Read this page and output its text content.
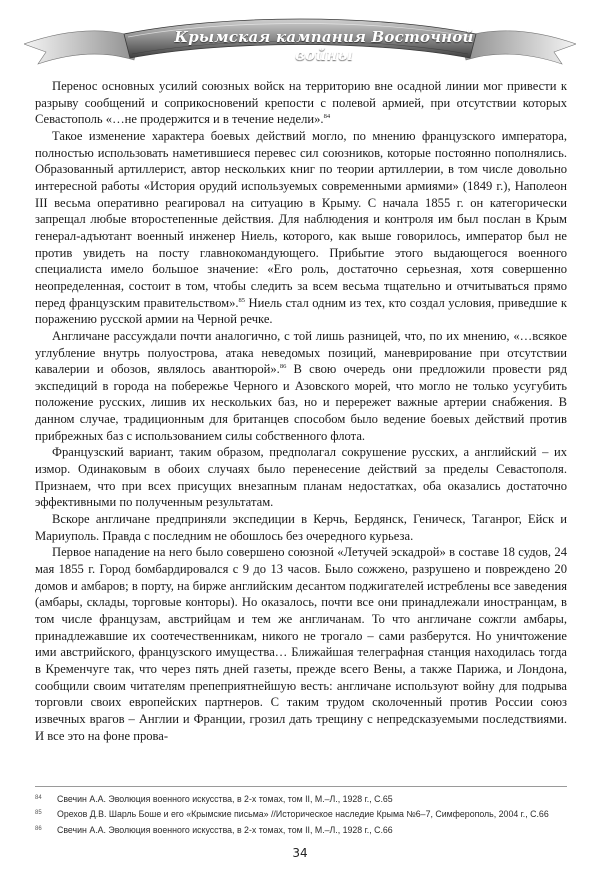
Крымская кампания Восточной войны

Перенос основных усилий союзных войск на территорию вне осадной линии мог привести к разрыву сообщений и соприкосновений крепости с полевой армией, при отсутствии которых Севастополь «…не продержится и в течение недели».$^{84}$

Такое изменение характера боевых действий могло, по мнению французского императора, полностью использовать наметившиеся перевес сил союзников, которые постоянно пополнялись. Образованный артиллерист, автор нескольких книг по теории артиллерии, в том числе довольно интересной работы «История орудий используемых современными армиями» (1849 г.), Наполеон III весьма оперативно реагировал на ситуацию в Крыму. С начала 1855 г. он категорически запрещал любые второстепенные действия. Для наблюдения и контроля им был послан в Крым генерал-адъютант военный инженер Ниель, которого, как выше говорилось, император был не против увидеть на посту главнокомандующего. Прибытие этого выдающегося военного специалиста имело большое значение: «Его роль, достаточно серьезная, хотя совершенно неопределенная, состоит в том, чтобы следить за всем весьма тщательно и отчитываться прямо перед французским правительством».$^{85}$ Ниель стал одним из тех, кто создал условия, приведшие к поражению русской армии на Черной речке.

Англичане рассуждали почти аналогично, с той лишь разницей, что, по их мнению, «…всякое углубление внутрь полуострова, атака неведомых позиций, маневрирование при отсутствии кавалерии и обозов, являлось авантюрой».$^{86}$ В свою очередь они предложили провести ряд экспедиций в города на побережье Черного и Азовского морей, что могло не только усугубить положение русских, лишив их нескольких баз, но и перережет важные артерии снабжения. В данном случае, традиционным для британцев способом было ведение боевых действий против прибрежных баз с использованием силы собственного флота.

Французский вариант, таким образом, предполагал сокрушение русских, а английский – их измор. Одинаковым в обоих случаях было перенесение действий за пределы Севастополя. Признаем, что при всех присущих внезапным планам недостатках, оба оказались достаточно эффективными по полученным результатам.

Вскоре англичане предприняли экспедиции в Керчь, Бердянск, Геническ, Таганрог, Ейск и Мариуполь. Правда с последним не обошлось без очередного курьеза.

Первое нападение на него было совершено союзной «Летучей эскадрой» в составе 18 судов, 24 мая 1855 г. Город бомбардировался с 9 до 13 часов. Было сожжено, разрушено и повреждено 20 домов и амбаров; в порту, на бирже английским десантом поджигателей истреблены все заведения (амбары, склады, торговые конторы). Но оказалось, почти все они принадлежали иностранцам, в том числе французам, австрийцам и тем же англичанам. То что англичане сожгли амбары, принадлежавшие их соотечественникам, никого не трогало – сами разберутся. Но уничтожение ими австрийского, французского имущества… Ближайшая телеграфная станция находилась тогда в Кременчуге так, что через пять дней газеты, прежде всего Вены, а также Парижа, и Лондона, сообщили своим читателям препеприятнейшую весть: англичане используют войну для подрыва торговли своих европейских партнеров. С таким трудом сколоченный против России союз извечных врагов – Англии и Франции, грозил дать трещину с непредсказуемыми последствиями. И все это на фоне прова-

84 Свечин А.А. Эволюция военного искусства, в 2-х томах, том II, М.–Л., 1928 г., С.65
85 Орехов Д.В. Шарль Боше и его «Крымские письма» //Историческое наследие Крыма №6–7, Симферополь, 2004 г., С.66
86 Свечин А.А. Эволюция военного искусства, в 2-х томах, том II, М.–Л., 1928 г., С.66
34
